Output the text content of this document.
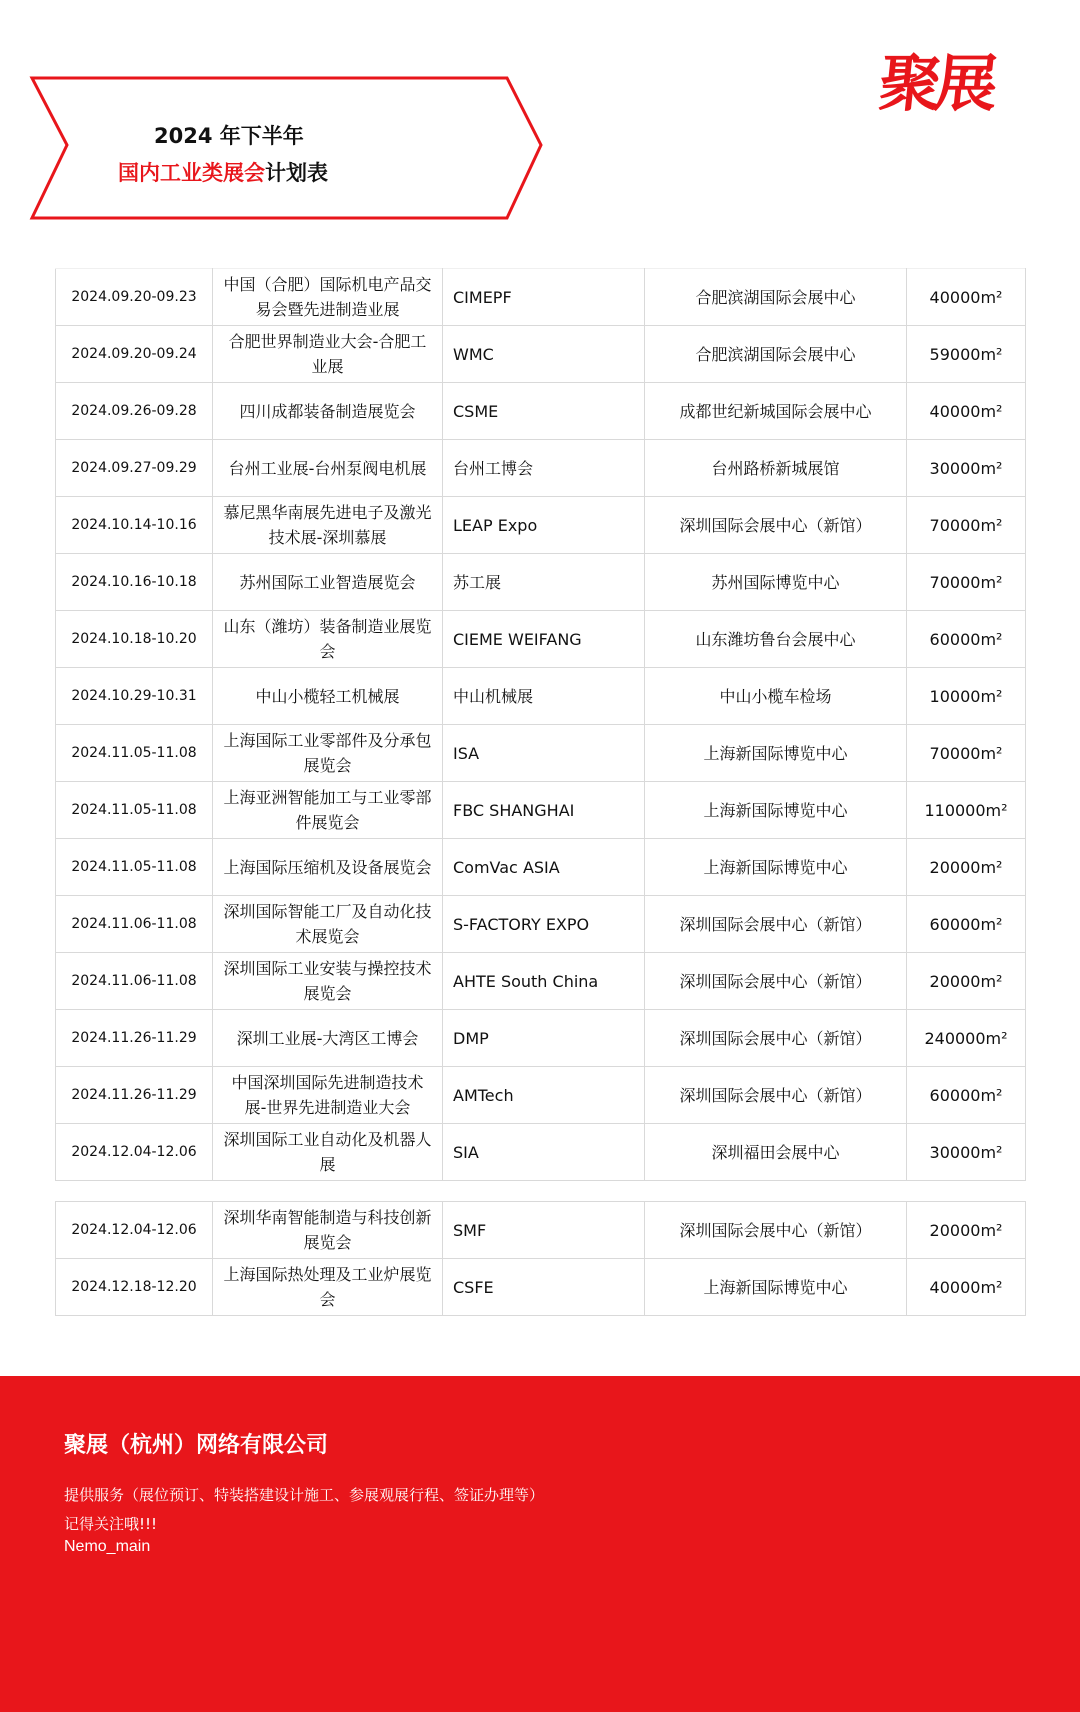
聚展
2024 年下半年
国内工业类展会计划表
2024.09.20-09.23	中国（合肥）国际机电产品交易会暨先进制造业展	CIMEPF	合肥滨湖国际会展中心	40000m²
2024.09.20-09.24	合肥世界制造业大会-合肥工业展	WMC	合肥滨湖国际会展中心	59000m²
2024.09.26-09.28	四川成都装备制造展览会	CSME	成都世纪新城国际会展中心	40000m²
2024.09.27-09.29	台州工业展-台州泵阀电机展	台州工博会	台州路桥新城展馆	30000m²
2024.10.14-10.16	慕尼黑华南展先进电子及激光技术展-深圳慕展	LEAP Expo	深圳国际会展中心（新馆）	70000m²
2024.10.16-10.18	苏州国际工业智造展览会	苏工展	苏州国际博览中心	70000m²
2024.10.18-10.20	山东（潍坊）装备制造业展览会	CIEME WEIFANG	山东潍坊鲁台会展中心	60000m²
2024.10.29-10.31	中山小榄轻工机械展	中山机械展	中山小榄车检场	10000m²
2024.11.05-11.08	上海国际工业零部件及分承包展览会	ISA	上海新国际博览中心	70000m²
2024.11.05-11.08	上海亚洲智能加工与工业零部件展览会	FBC SHANGHAI	上海新国际博览中心	110000m²
2024.11.05-11.08	上海国际压缩机及设备展览会	ComVac ASIA	上海新国际博览中心	20000m²
2024.11.06-11.08	深圳国际智能工厂及自动化技术展览会	S-FACTORY EXPO	深圳国际会展中心（新馆）	60000m²
2024.11.06-11.08	深圳国际工业安装与操控技术展览会	AHTE South China	深圳国际会展中心（新馆）	20000m²
2024.11.26-11.29	深圳工业展-大湾区工博会	DMP	深圳国际会展中心（新馆）	240000m²
2024.11.26-11.29	中国深圳国际先进制造技术展-世界先进制造业大会	AMTech	深圳国际会展中心（新馆）	60000m²
2024.12.04-12.06	深圳国际工业自动化及机器人展	SIA	深圳福田会展中心	30000m²
2024.12.04-12.06	深圳华南智能制造与科技创新展览会	SMF	深圳国际会展中心（新馆）	20000m²
2024.12.18-12.20	上海国际热处理及工业炉展览会	CSFE	上海新国际博览中心	40000m²
聚展（杭州）网络有限公司
提供服务（展位预订、特装搭建设计施工、参展观展行程、签证办理等）
记得关注哦!!!
Nemo_main
